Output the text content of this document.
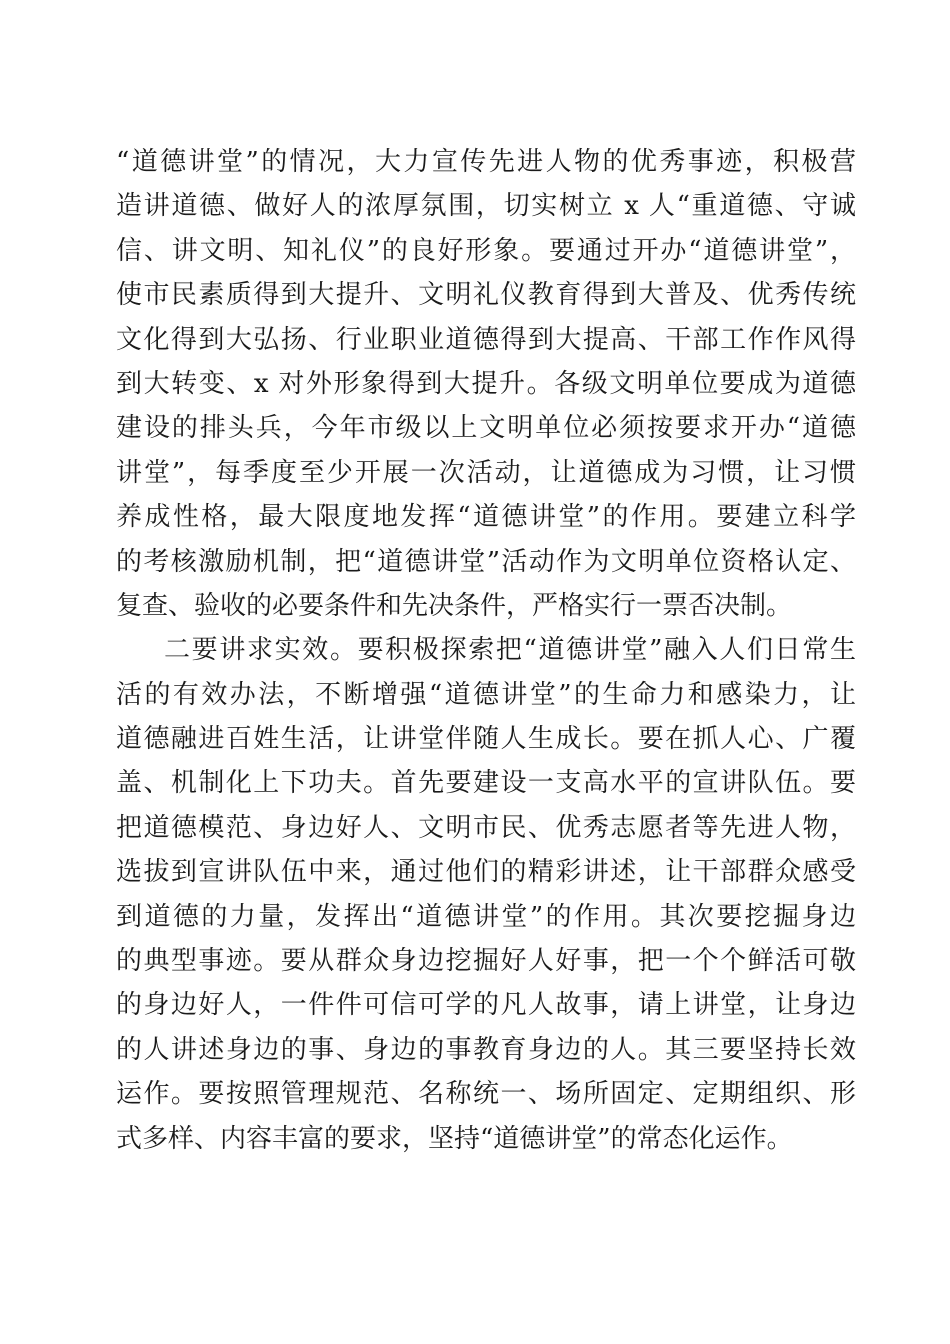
“道德讲堂”的情况，大力宣传先进人物的优秀事迹，积极营
造讲道德、做好人的浓厚氛围，切实树立 x 人“重道德、守诚
信、讲文明、知礼仪”的良好形象。要通过开办“道德讲堂”，
使市民素质得到大提升、文明礼仪教育得到大普及、优秀传统
文化得到大弘扬、行业职业道德得到大提高、干部工作作风得
到大转变、x 对外形象得到大提升。各级文明单位要成为道德
建设的排头兵，今年市级以上文明单位必须按要求开办“道德
讲堂”，每季度至少开展一次活动，让道德成为习惯，让习惯
养成性格，最大限度地发挥“道德讲堂”的作用。要建立科学
的考核激励机制，把“道德讲堂”活动作为文明单位资格认定、
复查、验收的必要条件和先决条件，严格实行一票否决制。
二要讲求实效。要积极探索把“道德讲堂”融入人们日常生
活的有效办法，不断增强“道德讲堂”的生命力和感染力，让
道德融进百姓生活，让讲堂伴随人生成长。要在抓人心、广覆
盖、机制化上下功夫。首先要建设一支高水平的宣讲队伍。要
把道德模范、身边好人、文明市民、优秀志愿者等先进人物，
选拔到宣讲队伍中来，通过他们的精彩讲述，让干部群众感受
到道德的力量，发挥出“道德讲堂”的作用。其次要挖掘身边
的典型事迹。要从群众身边挖掘好人好事，把一个个鲜活可敬
的身边好人，一件件可信可学的凡人故事，请上讲堂，让身边
的人讲述身边的事、身边的事教育身边的人。其三要坚持长效
运作。要按照管理规范、名称统一、场所固定、定期组织、形
式多样、内容丰富的要求，坚持“道德讲堂”的常态化运作。
